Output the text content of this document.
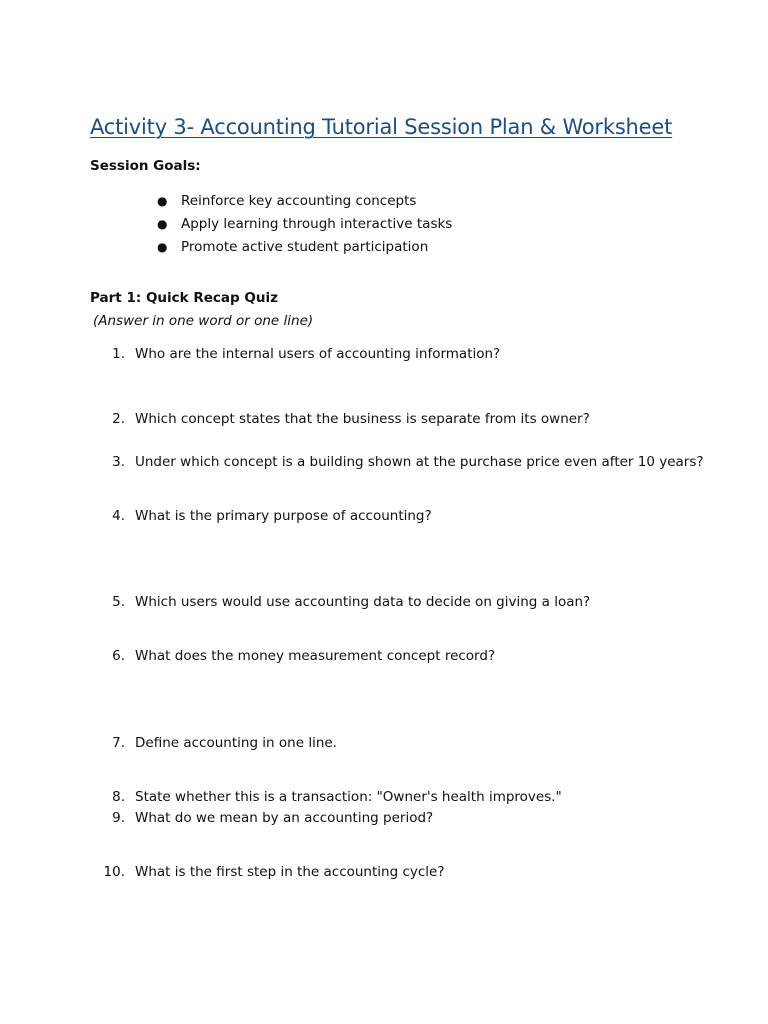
Activity 3- Accounting Tutorial Session Plan & Worksheet
Session Goals:
● Reinforce key accounting concepts
● Apply learning through interactive tasks
● Promote active student participation
Part 1: Quick Recap Quiz
(Answer in one word or one line)
1. Who are the internal users of accounting information?
2. Which concept states that the business is separate from its owner?
3. Under which concept is a building shown at the purchase price even after 10 years?
4. What is the primary purpose of accounting?
5. Which users would use accounting data to decide on giving a loan?
6. What does the money measurement concept record?
7. Define accounting in one line.
8. State whether this is a transaction: "Owner's health improves."
9. What do we mean by an accounting period?
10. What is the first step in the accounting cycle?
